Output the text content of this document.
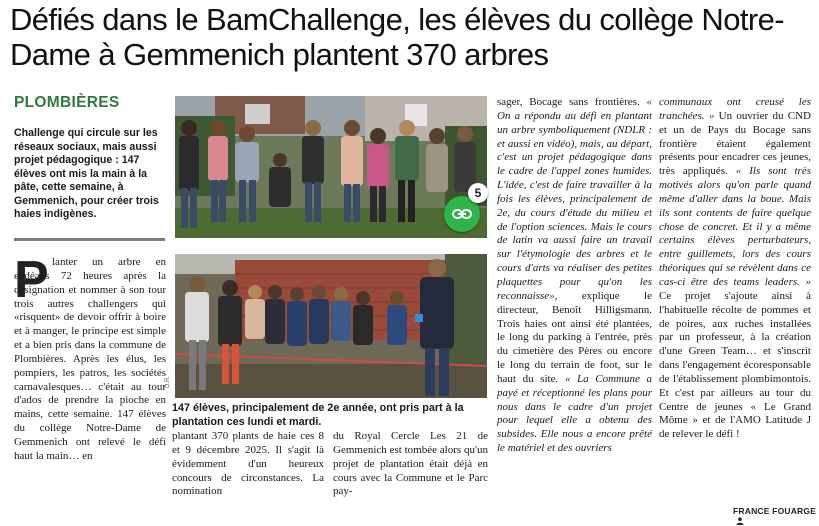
Défiés dans le BamChallenge, les élèves du collège Notre-Dame à Gemmenich plantent 370 arbres
PLOMBIÈRES

Challenge qui circule sur les réseaux sociaux, mais aussi projet pédagogique : 147 élèves ont mis la main à la pâte, cette semaine, à Gemmenich, pour créer trois haies indigènes.

P lanter un arbre en endéans 72 heures après la désignation et nommer à son tour trois autres challengers qui «risquent» de devoir offrir à boire et à manger, le principe est simple et a bien pris dans la commune de Plombières. Après les élus, les pompiers, les patros, les sociétés carnavalesques… c'était au tour d'ados de prendre la pioche en mains, cette semaine. 147 élèves du collège Notre-Dame de Gemmenich ont relevé le défi haut la main… en

5
D.R.

147 élèves, principalement de 2e année, ont pris part à la plantation ces lundi et mardi.

plantant 370 plants de haie ces 8 et 9 décembre 2025. Il s'agit là évidemment d'un heureux concours de circonstances. La nomination

du Royal Cercle Les 21 de Gemmenich est tombée alors qu'un projet de plantation était déjà en cours avec la Commune et le Parc pay-

sager, Bocage sans frontières. « On a répondu au défi en plantant un arbre symboliquement (NDLR : et aussi en vidéo), mais, au départ, c'est un projet pédagogique dans le cadre de l'appel zones humides. L'idée, c'est de faire travailler à la fois les élèves, principalement de 2e, du cours d'étude du milieu et de l'option sciences. Mais le cours de latin va aussi faire un travail sur l'étymologie des arbres et le cours d'arts va réaliser des petites plaquettes pour qu'on les reconnaisse», explique le directeur, Benoît Hilligsmann. Trois haies ont ainsi été plantées, le long du parking à l'entrée, près du cimetière des Pères ou encore le long du terrain de foot, sur le haut du site. « La Commune a payé et réceptionné les plans pour nous dans le cadre d'un projet pour lequel elle a obtenu des subsides. Elle nous a encore prêté le matériel et des ouvriers
communaux ont creusé les tranchées. » Un ouvrier du CND et un de Pays du Bocage sans frontière étaient également présents pour encadrer ces jeunes, très appliqués. « Ils sont très motivés alors qu'on parle quand même d'aller dans la boue. Mais ils sont contents de faire quelque chose de concret. Et il y a même certains élèves perturbateurs, entre guillemets, lors des cours théoriques qui se révèlent dans ce cas-ci être des teams leaders. » Ce projet s'ajoute ainsi à l'habituelle récolte de pommes et de poires, aux ruches installées par un professeur, à la création d'une Green Team… et s'inscrit dans l'engagement écoresponsable de l'établissement plombimontois. Et c'est par ailleurs au tour du Centre de jeunes « Le Grand Môme » et de l'AMO Latitude J de relever le défi !
FRANCE FOUARGE
